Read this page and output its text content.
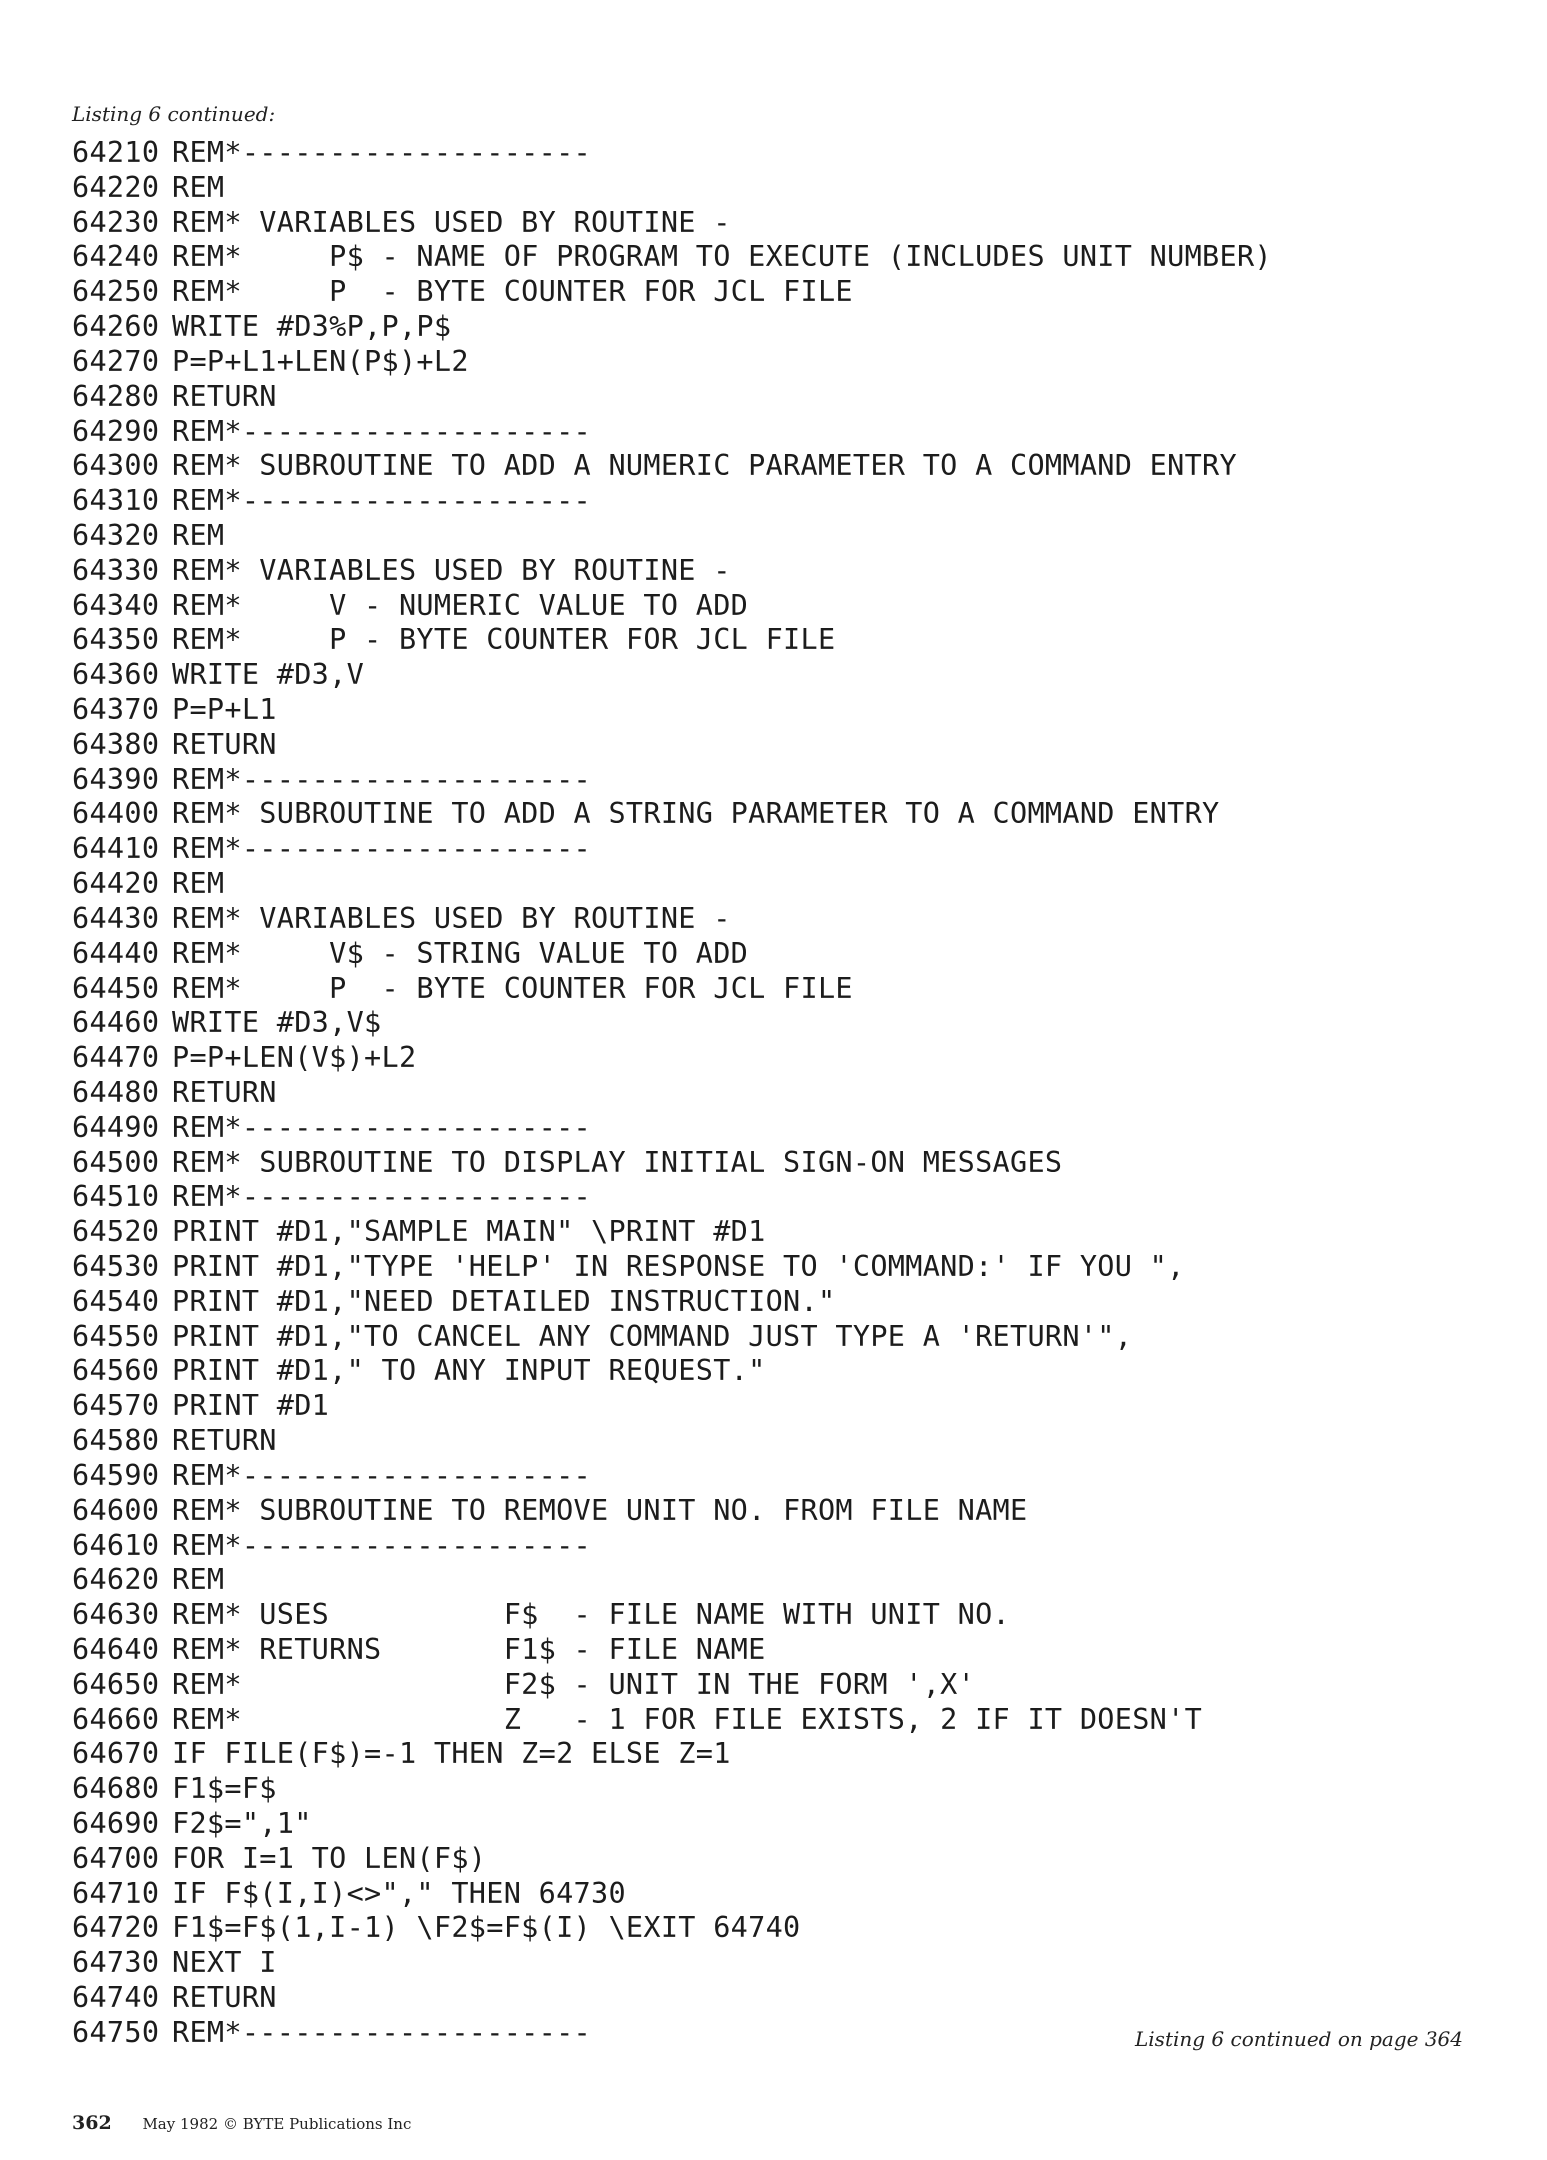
Listing 6 continued:
64210 REM*--------------------
64220 REM
64230 REM* VARIABLES USED BY ROUTINE -
64240 REM*     P$ - NAME OF PROGRAM TO EXECUTE (INCLUDES UNIT NUMBER)
64250 REM*     P  - BYTE COUNTER FOR JCL FILE
64260 WRITE #D3%P,P,P$
64270 P=P+L1+LEN(P$)+L2
64280 RETURN
64290 REM*--------------------
64300 REM* SUBROUTINE TO ADD A NUMERIC PARAMETER TO A COMMAND ENTRY
64310 REM*--------------------
64320 REM
64330 REM* VARIABLES USED BY ROUTINE -
64340 REM*     V - NUMERIC VALUE TO ADD
64350 REM*     P - BYTE COUNTER FOR JCL FILE
64360 WRITE #D3,V
64370 P=P+L1
64380 RETURN
64390 REM*--------------------
64400 REM* SUBROUTINE TO ADD A STRING PARAMETER TO A COMMAND ENTRY
64410 REM*--------------------
64420 REM
64430 REM* VARIABLES USED BY ROUTINE -
64440 REM*     V$ - STRING VALUE TO ADD
64450 REM*     P  - BYTE COUNTER FOR JCL FILE
64460 WRITE #D3,V$
64470 P=P+LEN(V$)+L2
64480 RETURN
64490 REM*--------------------
64500 REM* SUBROUTINE TO DISPLAY INITIAL SIGN-ON MESSAGES
64510 REM*--------------------
64520 PRINT #D1,"SAMPLE MAIN" \PRINT #D1
64530 PRINT #D1,"TYPE 'HELP' IN RESPONSE TO 'COMMAND:' IF YOU ",
64540 PRINT #D1,"NEED DETAILED INSTRUCTION."
64550 PRINT #D1,"TO CANCEL ANY COMMAND JUST TYPE A 'RETURN'",
64560 PRINT #D1," TO ANY INPUT REQUEST."
64570 PRINT #D1
64580 RETURN
64590 REM*--------------------
64600 REM* SUBROUTINE TO REMOVE UNIT NO. FROM FILE NAME
64610 REM*--------------------
64620 REM
64630 REM* USES          F$  - FILE NAME WITH UNIT NO.
64640 REM* RETURNS       F1$ - FILE NAME
64650 REM*               F2$ - UNIT IN THE FORM ',X'
64660 REM*               Z   - 1 FOR FILE EXISTS, 2 IF IT DOESN'T
64670 IF FILE(F$)=-1 THEN Z=2 ELSE Z=1
64680 F1$=F$
64690 F2$=",1"
64700 FOR I=1 TO LEN(F$)
64710 IF F$(I,I)<>"," THEN 64730
64720 F1$=F$(1,I-1) \F2$=F$(I) \EXIT 64740
64730 NEXT I
64740 RETURN
64750 REM*--------------------	Listing 6 continued on page 364
362 May 1982 © BYTE Publications Inc
